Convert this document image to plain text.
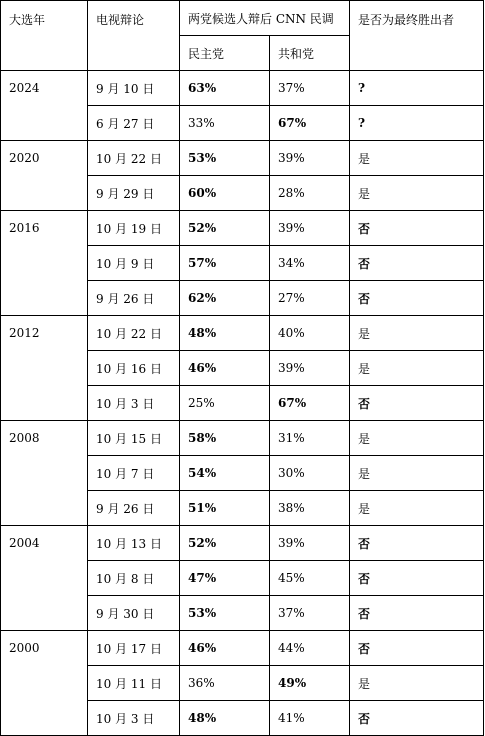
大选年	电视辩论	两党候选人辩后 CNN 民调		是否为最终胜出者
		民主党	共和党	
2024	9 月 10 日	63%	37%	?
	6 月 27 日	33%	67%	?
2020	10 月 22 日	53%	39%	是
	9 月 29 日	60%	28%	是
2016	10 月 19 日	52%	39%	否
	10 月 9 日	57%	34%	否
	9 月 26 日	62%	27%	否
2012	10 月 22 日	48%	40%	是
	10 月 16 日	46%	39%	是
	10 月 3 日	25%	67%	否
2008	10 月 15 日	58%	31%	是
	10 月 7 日	54%	30%	是
	9 月 26 日	51%	38%	是
2004	10 月 13 日	52%	39%	否
	10 月 8 日	47%	45%	否
	9 月 30 日	53%	37%	否
2000	10 月 17 日	46%	44%	否
	10 月 11 日	36%	49%	是
	10 月 3 日	48%	41%	否
